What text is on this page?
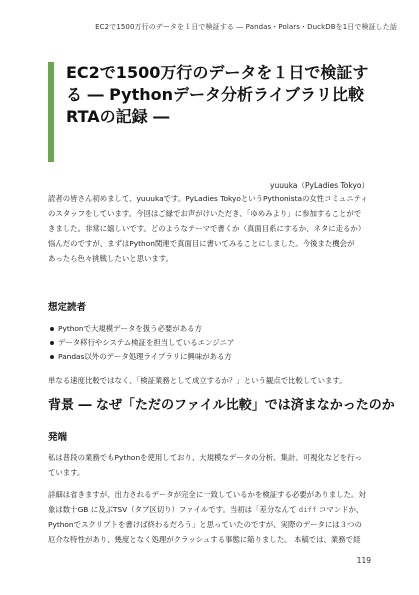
EC2で1500万行のデータを１日で検証する ― Pandas・Polars・DuckDBを1日で検証した話
EC2で1500万行のデータを１日で検証す
る ― Pythonデータ分析ライブラリ比較
RTAの記録 ―
yuuuka（PyLadies Tokyo）
読者の皆さん初めまして、yuuukaです。PyLadies TokyoというPythonistaの女性コミュニティ
のスタッフをしています。今回はご縁でお声がけいただき、「ゆめみより」に参加することがで
きました。非常に嬉しいです。どのようなテーマで書くか（真面目系にするか、ネタに走るか）
悩んだのですが、まずはPython関連で真面目に書いてみることにしました。今後また機会が
あったら色々挑戦したいと思います。
想定読者
Pythonで大規模データを扱う必要がある方
データ移行やシステム検証を担当しているエンジニア
Pandas以外のデータ処理ライブラリに興味がある方
単なる速度比較ではなく、「検証業務として成立するか？」という観点で比較しています。
背景 ― なぜ「ただのファイル比較」では済まなかったのか
発端
私は普段の業務でもPythonを使用しており、大規模なデータの分析、集計、可視化などを行っ
ています。
詳細は省きますが、出力されるデータが完全に一致しているかを検証する必要がありました。対
象は数十GB に及ぶTSV（タブ区切り）ファイルです。当初は「差分なんて diff コマンドか、
Pythonでスクリプトを書けば終わるだろう」と思っていたのですが、実際のデータには３つの
厄介な特性があり、幾度となく処理がクラッシュする事態に陥りました。 本稿では、業務で経
119
